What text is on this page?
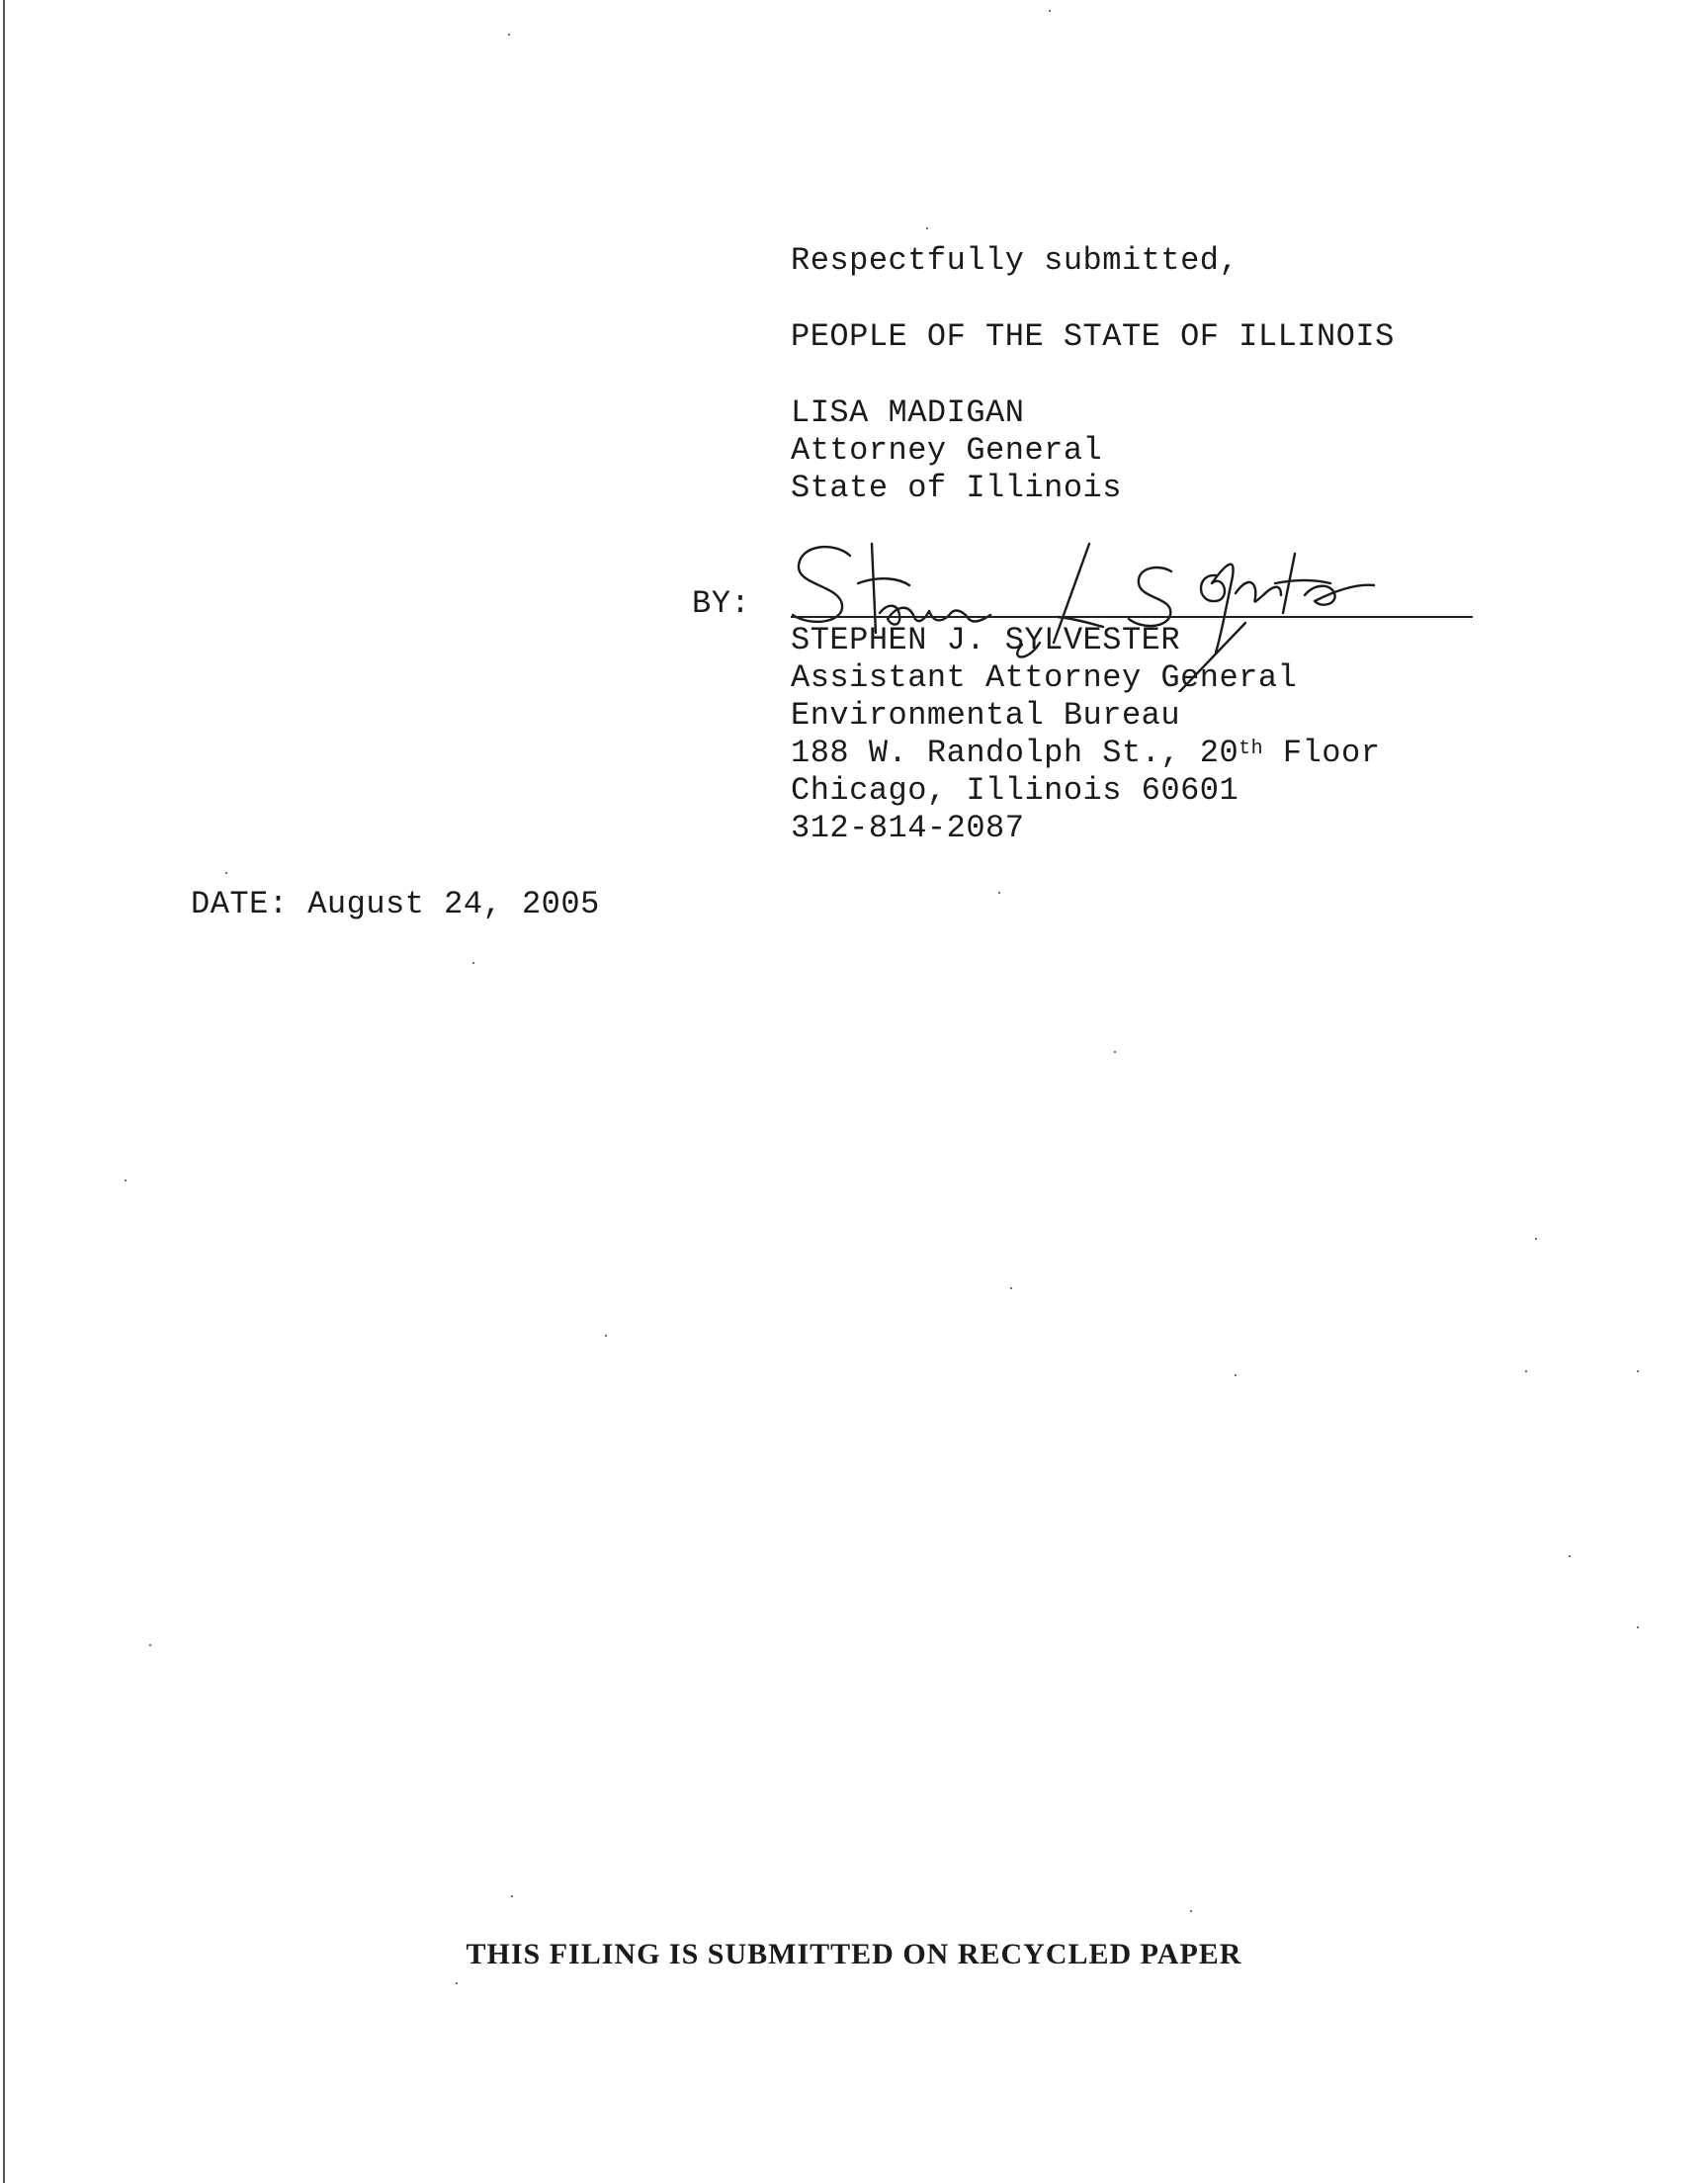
Respectfully submitted,
PEOPLE OF THE STATE OF ILLINOIS
LISA MADIGAN
Attorney General
State of Illinois
BY:
STEPHEN J. SYLVESTER
Assistant Attorney General
Environmental Bureau
188 W. Randolph St., 20th Floor
Chicago, Illinois 60601
312-814-2087
DATE: August 24, 2005
THIS FILING IS SUBMITTED ON RECYCLED PAPER
